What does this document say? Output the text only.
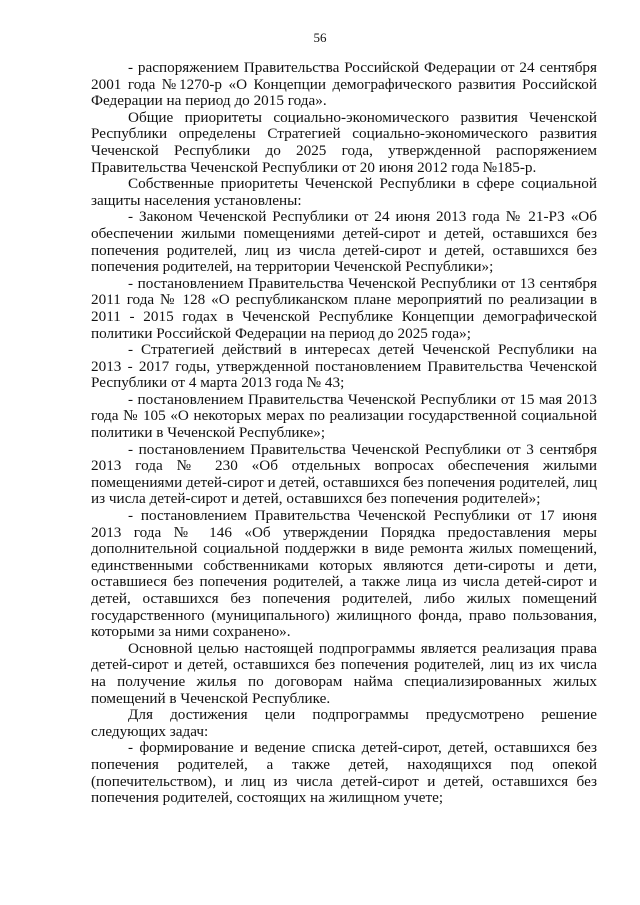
56

- распоряжением Правительства Российской Федерации от 24 сентября 2001 года №1270-р «О Концепции демографического развития Российской Федерации на период до 2015 года».

Общие приоритеты социально-экономического развития Чеченской Республики определены Стратегией социально-экономического развития Чеченской Республики до 2025 года, утвержденной распоряжением Правительства Чеченской Республики от 20 июня 2012 года №185-р.

Собственные приоритеты Чеченской Республики в сфере социальной защиты населения установлены:

- Законом Чеченской Республики от 24 июня 2013 года № 21-РЗ «Об обеспечении жилыми помещениями детей-сирот и детей, оставшихся без попечения родителей, лиц из числа детей-сирот и детей, оставшихся без попечения родителей, на территории Чеченской Республики»;

- постановлением Правительства Чеченской Республики от 13 сентября 2011 года № 128 «О республиканском плане мероприятий по реализации в 2011 - 2015 годах в Чеченской Республике Концепции демографической политики Российской Федерации на период до 2025 года»;

- Стратегией действий в интересах детей Чеченской Республики на 2013 - 2017 годы, утвержденной постановлением Правительства Чеченской Республики от 4 марта 2013 года № 43;

- постановлением Правительства Чеченской Республики от 15 мая 2013 года № 105 «О некоторых мерах по реализации государственной социальной политики в Чеченской Республике»;

- постановлением Правительства Чеченской Республики от 3 сентября 2013 года № 230 «Об отдельных вопросах обеспечения жилыми помещениями детей-сирот и детей, оставшихся без попечения родителей, лиц из числа детей-сирот и детей, оставшихся без попечения родителей»;

- постановлением Правительства Чеченской Республики от 17 июня 2013 года № 146 «Об утверждении Порядка предоставления меры дополнительной социальной поддержки в виде ремонта жилых помещений, единственными собственниками которых являются дети-сироты и дети, оставшиеся без попечения родителей, а также лица из числа детей-сирот и детей, оставшихся без попечения родителей, либо жилых помещений государственного (муниципального) жилищного фонда, право пользования, которыми за ними сохранено».

Основной целью настоящей подпрограммы является реализация права детей-сирот и детей, оставшихся без попечения родителей, лиц из их числа на получение жилья по договорам найма специализированных жилых помещений в Чеченской Республике.

Для достижения цели подпрограммы предусмотрено решение следующих задач:

- формирование и ведение списка детей-сирот, детей, оставшихся без попечения родителей, а также детей, находящихся под опекой (попечительством), и лиц из числа детей-сирот и детей, оставшихся без попечения родителей, состоящих на жилищном учете;
